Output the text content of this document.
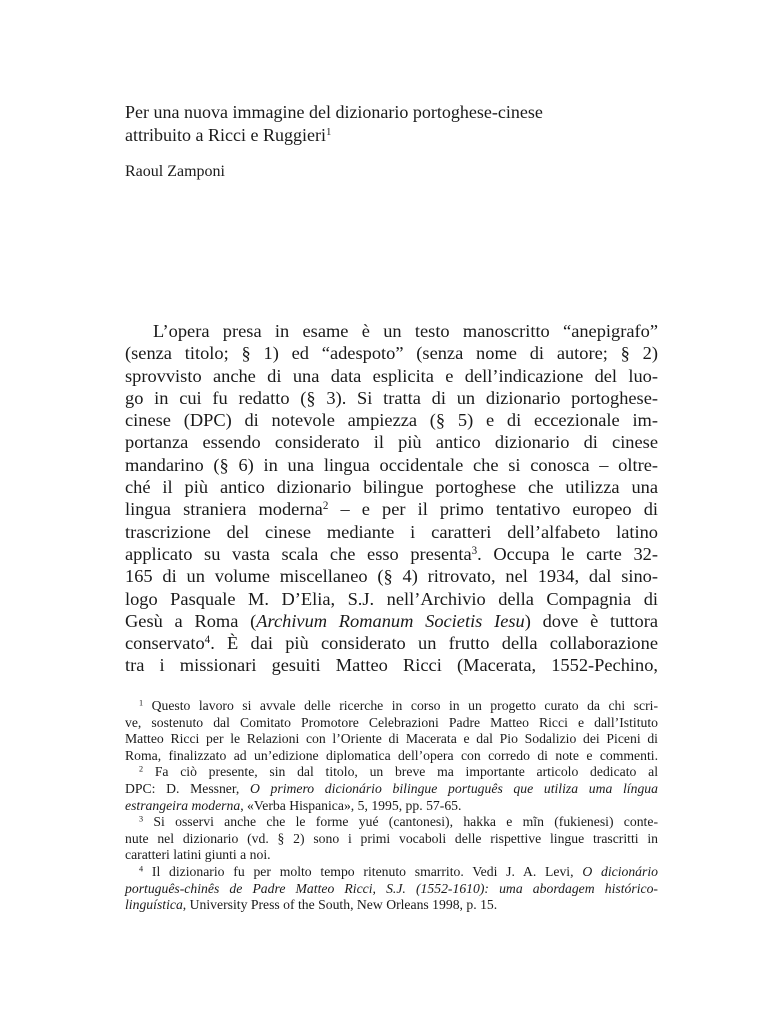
Per una nuova immagine del dizionario portoghese-cinese
attribuito a Ricci e Ruggieri$^1$
Raoul Zamponi
L’opera presa in esame è un testo manoscritto “anepigrafo”
(senza titolo; § 1) ed “adespoto” (senza nome di autore; § 2)
sprovvisto anche di una data esplicita e dell’indicazione del luo-
go in cui fu redatto (§ 3). Si tratta di un dizionario portoghese-
cinese (DPC) di notevole ampiezza (§ 5) e di eccezionale im-
portanza essendo considerato il più antico dizionario di cinese
mandarino (§ 6) in una lingua occidentale che si conosca – oltre-
ché il più antico dizionario bilingue portoghese che utilizza una
lingua straniera moderna$^2$ – e per il primo tentativo europeo di
trascrizione del cinese mediante i caratteri dell’alfabeto latino
applicato su vasta scala che esso presenta$^3$. Occupa le carte 32-
165 di un volume miscellaneo (§ 4) ritrovato, nel 1934, dal sino-
logo Pasquale M. D’Elia, S.J. nell’Archivio della Compagnia di
Gesù a Roma (Archivum Romanum Societis Iesu) dove è tuttora
conservato$^4$. È dai più considerato un frutto della collaborazione
tra i missionari gesuiti Matteo Ricci (Macerata, 1552-Pechino,
$^1$ Questo lavoro si avvale delle ricerche in corso in un progetto curato da chi scri-
ve, sostenuto dal Comitato Promotore Celebrazioni Padre Matteo Ricci e dall’Istituto
Matteo Ricci per le Relazioni con l’Oriente di Macerata e dal Pio Sodalizio dei Piceni di
Roma, finalizzato ad un’edizione diplomatica dell’opera con corredo di note e commenti.
$^2$ Fa ciò presente, sin dal titolo, un breve ma importante articolo dedicato al
DPC: D. Messner, O primero dicionário bilingue português que utiliza uma língua
estrangeira moderna, «Verba Hispanica», 5, 1995, pp. 57-65.
$^3$ Si osservi anche che le forme yué (cantonesi), hakka e mĩn (fukienesi) conte-
nute nel dizionario (vd. § 2) sono i primi vocaboli delle rispettive lingue trascritti in
caratteri latini giunti a noi.
$^4$ Il dizionario fu per molto tempo ritenuto smarrito. Vedi J. A. Levi, O dicionário
português-chinês de Padre Matteo Ricci, S.J. (1552-1610): uma abordagem histórico-
linguística, University Press of the South, New Orleans 1998, p. 15.
